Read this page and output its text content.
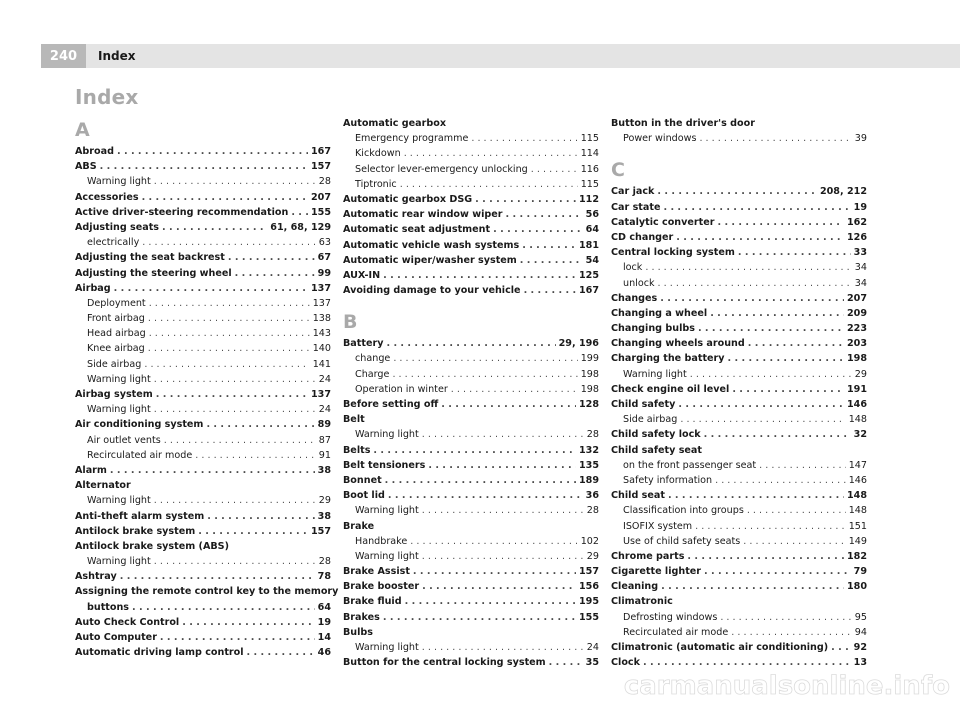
240	Index
Index
A
Abroad . . .	167
ABS . . .	157
Warning light . . .	28
Accessories . . .	207
Active driver-steering recommendation . . . 155
Adjusting seats . . .	61, 68, 129
electrically . . .	63
Adjusting the seat backrest . . .	67
Adjusting the steering wheel . . .	99
Airbag . . .	137
Deployment . . .	137
Front airbag . . .	138
Head airbag . . .	143
Knee airbag . . .	140
Side airbag . . .	141
Warning light . . .	24
Airbag system . . .	137
Warning light . . .	24
Air conditioning system . . .	89
Air outlet vents . . .	87
Recirculated air mode . . .	91
Alarm . . .	38
Alternator
Warning light . . .	29
Anti-theft alarm system . . .	38
Antilock brake system . . .	157
Antilock brake system (ABS)
Warning light . . .	28
Ashtray . . .	78
Assigning the remote control key to the memory
buttons . . .	64
Auto Check Control . . .	19
Auto Computer . . .	14
Automatic driving lamp control . . .	46
Automatic gearbox
Emergency programme . . .	115
Kickdown . . .	114
Selector lever-emergency unlocking . . .	116
Tiptronic . . .	115
Automatic gearbox DSG . . .	112
Automatic rear window wiper . . .	56
Automatic seat adjustment . . .	64
Automatic vehicle wash systems . . .	181
Automatic wiper/washer system . . .	54
AUX-IN . . .	125
Avoiding damage to your vehicle . . .	167
B
Battery . . .	29, 196
change . . .	199
Charge . . .	198
Operation in winter . . .	198
Before setting off . . .	128
Belt
Warning light . . .	28
Belts . . .	132
Belt tensioners . . .	135
Bonnet . . .	189
Boot lid . . .	36
Warning light . . .	28
Brake
Handbrake . . .	102
Warning light . . .	29
Brake Assist . . .	157
Brake booster . . .	156
Brake fluid . . .	195
Brakes . . .	155
Bulbs
Warning light . . .	24
Button for the central locking system . . .	35
Button in the driver's door
Power windows . . .	39
C
Car jack . . .	208, 212
Car state . . .	19
Catalytic converter . . .	162
CD changer . . .	126
Central locking system . . .	33
lock . . .	34
unlock . . .	34
Changes . . .	207
Changing a wheel . . .	209
Changing bulbs . . .	223
Changing wheels around . . .	203
Charging the battery . . .	198
Warning light . . .	29
Check engine oil level . . .	191
Child safety . . .	146
Side airbag . . .	148
Child safety lock . . .	32
Child safety seat
on the front passenger seat . . .	147
Safety information . . .	146
Child seat . . .	148
Classification into groups . . .	148
ISOFIX system . . .	151
Use of child safety seats . . .	149
Chrome parts . . .	182
Cigarette lighter . . .	79
Cleaning . . .	180
Climatronic
Defrosting windows . . .	95
Recirculated air mode . . .	94
Climatronic (automatic air conditioning) . . .	92
Clock . . .	13
carmanualsonline.info
